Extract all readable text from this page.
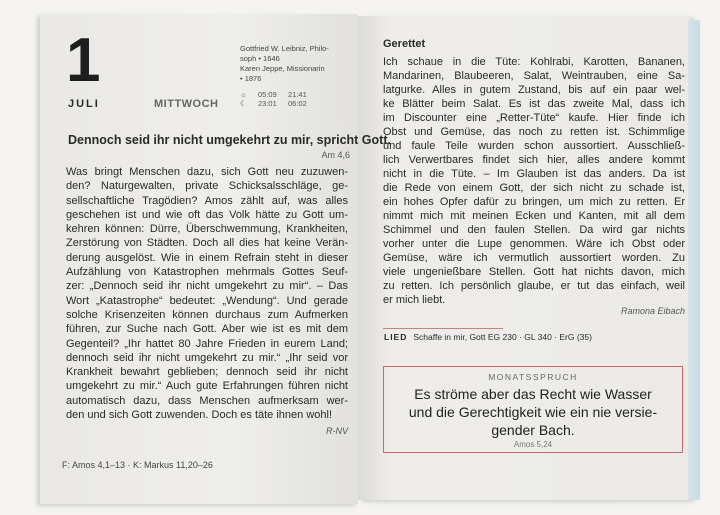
1
JULI	MITTWOCH
Gottfried W. Leibniz, Philo-
soph • 1646
Karen Jeppe, Missionarin
• 1876
☼ 05:09 21:41
☾ 23:01 06:02
Dennoch seid ihr nicht umgekehrt zu mir, spricht Gott.
Am 4,6
Was bringt Menschen dazu, sich Gott neu zuzuwen-
den? Naturgewalten, private Schicksalsschläge, ge-
sellschaftliche Tragödien? Amos zählt auf, was alles
geschehen ist und wie oft das Volk hätte zu Gott um-
kehren können: Dürre, Überschwemmung, Krankheiten,
Zerstörung von Städten. Doch all dies hat keine Verän-
derung ausgelöst. Wie in einem Refrain steht in dieser
Aufzählung von Katastrophen mehrmals Gottes Seuf-
zer: „Dennoch seid ihr nicht umgekehrt zu mir“. – Das
Wort „Katastrophe“ bedeutet: „Wendung“. Und gerade
solche Krisenzeiten können durchaus zum Aufmerken
führen, zur Suche nach Gott. Aber wie ist es mit dem
Gegenteil? „Ihr hattet 80 Jahre Frieden in eurem Land;
dennoch seid ihr nicht umgekehrt zu mir.“ „Ihr seid vor
Krankheit bewahrt geblieben; dennoch seid ihr nicht
umgekehrt zu mir.“ Auch gute Erfahrungen führen nicht
automatisch dazu, dass Menschen aufmerksam wer-
den und sich Gott zuwenden. Doch es täte ihnen wohl!
R-NV
F: Amos 4,1–13 · K: Markus 11,20–26
Gerettet
Ich schaue in die Tüte: Kohlrabi, Karotten, Bananen,
Mandarinen, Blaubeeren, Salat, Weintrauben, eine Sa-
latgurke. Alles in gutem Zustand, bis auf ein paar wel-
ke Blätter beim Salat. Es ist das zweite Mal, dass ich
im Discounter eine „Retter-Tüte“ kaufe. Hier finde ich
Obst und Gemüse, das noch zu retten ist. Schimmlige
und faule Teile wurden schon aussortiert. Ausschließ-
lich Verwertbares findet sich hier, alles andere kommt
nicht in die Tüte. – Im Glauben ist das anders. Da ist
die Rede von einem Gott, der sich nicht zu schade ist,
ein hohes Opfer dafür zu bringen, um mich zu retten. Er
nimmt mich mit meinen Ecken und Kanten, mit all dem
Schimmel und den faulen Stellen. Da wird gar nichts
vorher unter die Lupe genommen. Wäre ich Obst oder
Gemüse, wäre ich vermutlich aussortiert worden. Zu
viele ungenießbare Stellen. Gott hat nichts davon, mich
zu retten. Ich persönlich glaube, er tut das einfach, weil
er mich liebt.
Ramona Eibach
LIED Schaffe in mir, Gott EG 230 · GL 340 · ErG (35)
MONATSSPRUCH
Es ströme aber das Recht wie Wasser
und die Gerechtigkeit wie ein nie versie-
gender Bach.
Amos 5,24
